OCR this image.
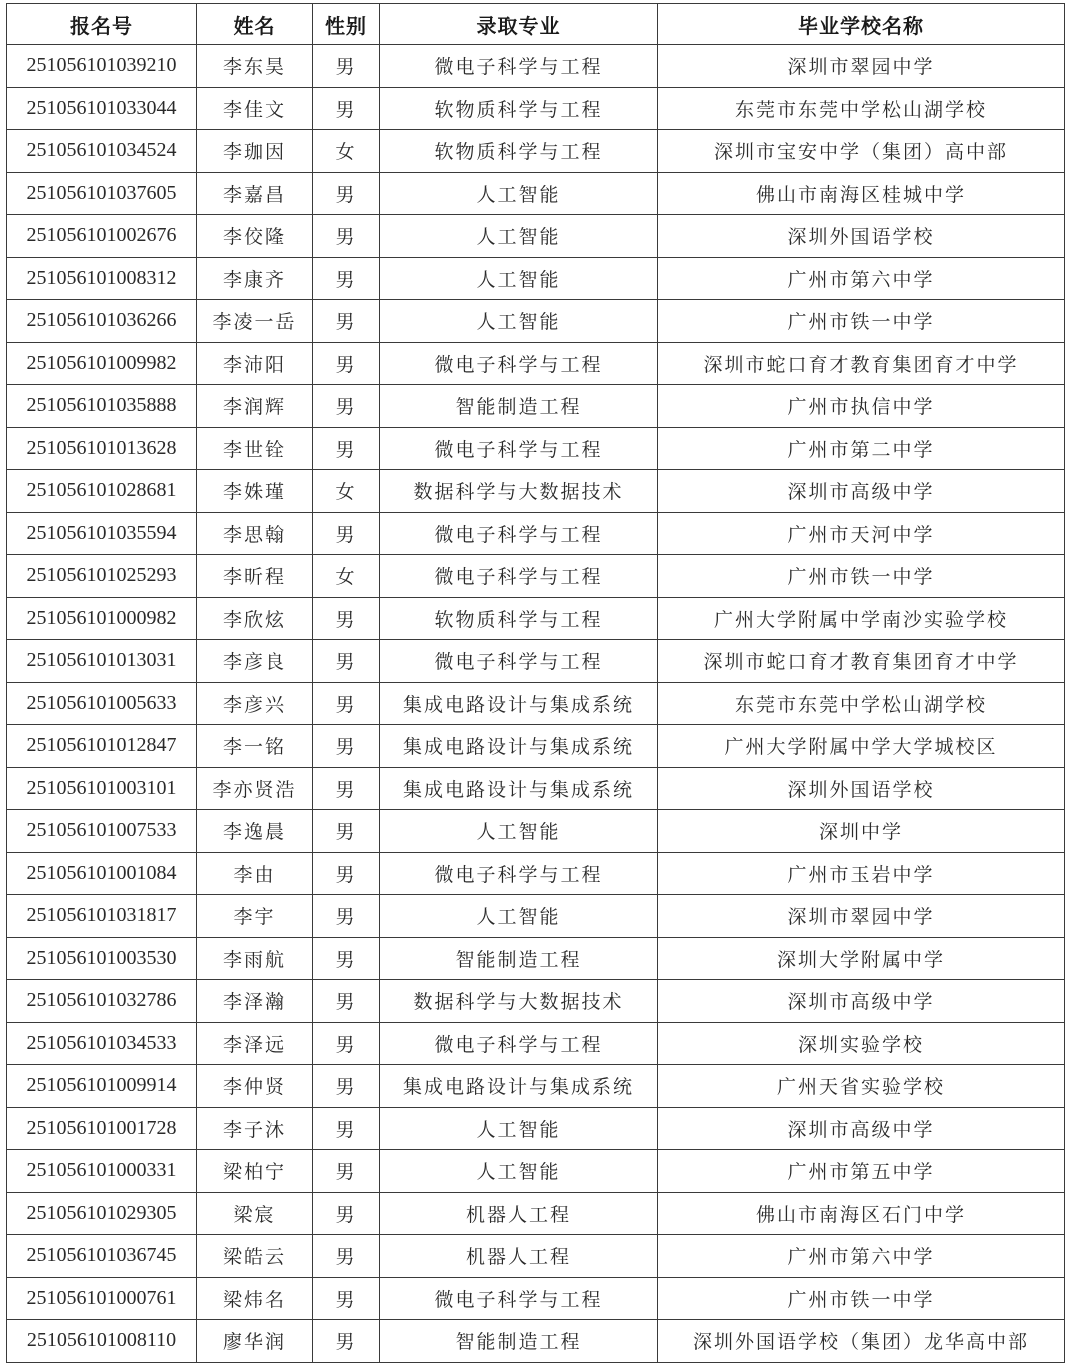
报名号	姓名	性别	录取专业	毕业学校名称
251056101039210	李东昊	男	微电子科学与工程	深圳市翠园中学
251056101033044	李佳文	男	软物质科学与工程	东莞市东莞中学松山湖学校
251056101034524	李珈因	女	软物质科学与工程	深圳市宝安中学（集团）高中部
251056101037605	李嘉昌	男	人工智能	佛山市南海区桂城中学
251056101002676	李佼隆	男	人工智能	深圳外国语学校
251056101008312	李康齐	男	人工智能	广州市第六中学
251056101036266	李凌一岳	男	人工智能	广州市铁一中学
251056101009982	李沛阳	男	微电子科学与工程	深圳市蛇口育才教育集团育才中学
251056101035888	李润辉	男	智能制造工程	广州市执信中学
251056101013628	李世铨	男	微电子科学与工程	广州市第二中学
251056101028681	李姝瑾	女	数据科学与大数据技术	深圳市高级中学
251056101035594	李思翰	男	微电子科学与工程	广州市天河中学
251056101025293	李昕程	女	微电子科学与工程	广州市铁一中学
251056101000982	李欣炫	男	软物质科学与工程	广州大学附属中学南沙实验学校
251056101013031	李彦良	男	微电子科学与工程	深圳市蛇口育才教育集团育才中学
251056101005633	李彦兴	男	集成电路设计与集成系统	东莞市东莞中学松山湖学校
251056101012847	李一铭	男	集成电路设计与集成系统	广州大学附属中学大学城校区
251056101003101	李亦贤浩	男	集成电路设计与集成系统	深圳外国语学校
251056101007533	李逸晨	男	人工智能	深圳中学
251056101001084	李由	男	微电子科学与工程	广州市玉岩中学
251056101031817	李宇	男	人工智能	深圳市翠园中学
251056101003530	李雨航	男	智能制造工程	深圳大学附属中学
251056101032786	李泽瀚	男	数据科学与大数据技术	深圳市高级中学
251056101034533	李泽远	男	微电子科学与工程	深圳实验学校
251056101009914	李仲贤	男	集成电路设计与集成系统	广州天省实验学校
251056101001728	李子沐	男	人工智能	深圳市高级中学
251056101000331	梁柏宁	男	人工智能	广州市第五中学
251056101029305	梁宸	男	机器人工程	佛山市南海区石门中学
251056101036745	梁皓云	男	机器人工程	广州市第六中学
251056101000761	梁炜名	男	微电子科学与工程	广州市铁一中学
251056101008110	廖华润	男	智能制造工程	深圳外国语学校（集团）龙华高中部
